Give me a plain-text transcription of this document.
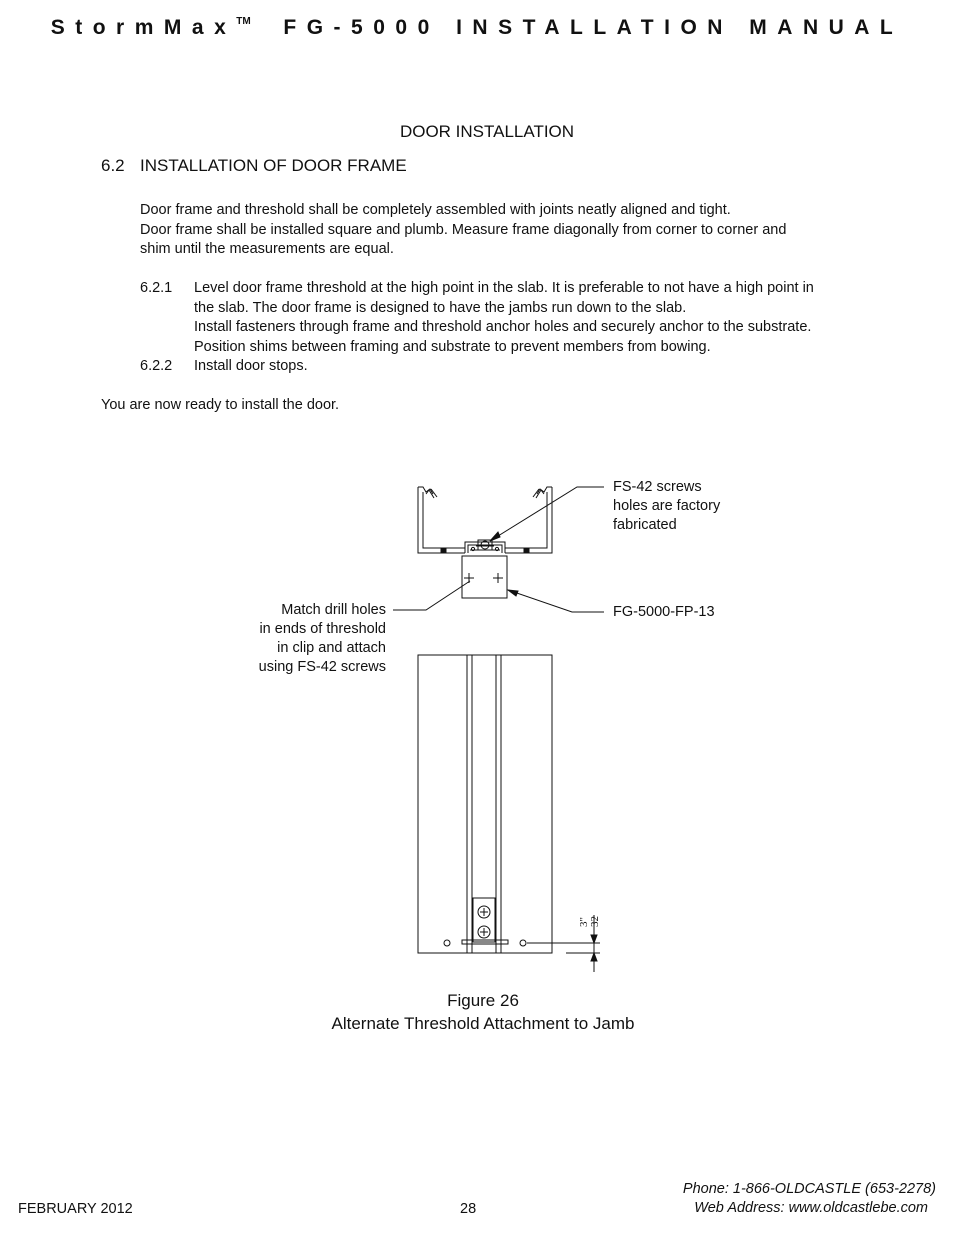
StormMax™ FG-5000 INSTALLATION MANUAL
DOOR INSTALLATION
6.2 INSTALLATION OF DOOR FRAME
Door frame and threshold shall be completely assembled with joints neatly aligned and tight.
Door frame shall be installed square and plumb. Measure frame diagonally from corner to corner and
shim until the measurements are equal.
6.2.1 Level door frame threshold at the high point in the slab. It is preferable to not have a high point in
the slab. The door frame is designed to have the jambs run down to the slab.
Install fasteners through frame and threshold anchor holes and securely anchor to the substrate.
Position shims between framing and substrate to prevent members from bowing.
6.2.2 Install door stops.
You are now ready to install the door.
3"
32
FS-42 screws
holes are factory
fabricated
FG-5000-FP-13
Match drill holes
in ends of threshold
in clip and attach
using FS-42 screws
Figure 26
Alternate Threshold Attachment to Jamb
FEBRUARY 2012	28
Phone: 1-866-OLDCASTLE (653-2278)
Web Address: www.oldcastlebe.com
